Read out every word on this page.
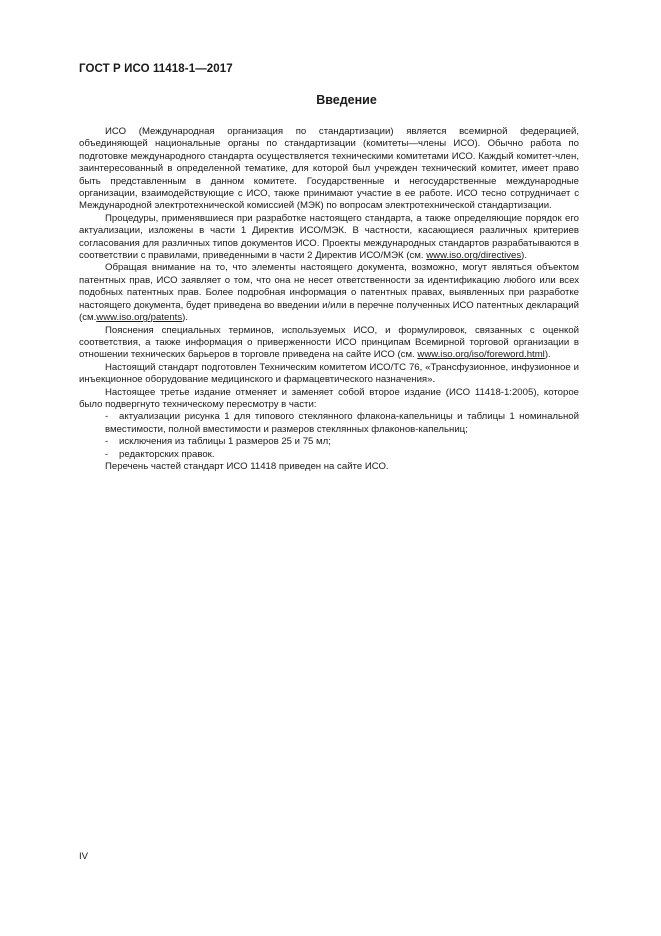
ГОСТ Р ИСО 11418-1—2017
Введение

ИСО (Международная организация по стандартизации) является всемирной федерацией, объединяющей национальные органы по стандартизации (комитеты—члены ИСО). Обычно работа по подготовке международного стандарта осуществляется техническими комитетами ИСО. Каждый комитет-член, заинтересованный в определенной тематике, для которой был учрежден технический комитет, имеет право быть представленным в данном комитете. Государственные и негосударственные международные организации, взаимодействующие с ИСО, также принимают участие в ее работе. ИСО тесно сотрудничает с Международной электротехнической комиссией (МЭК) по вопросам электротехнической стандартизации.

Процедуры, применявшиеся при разработке настоящего стандарта, а также определяющие порядок его актуализации, изложены в части 1 Директив ИСО/МЭК. В частности, касающиеся различных критериев согласования для различных типов документов ИСО. Проекты международных стандартов разрабатываются в соответствии с правилами, приведенными в части 2 Директив ИСО/МЭК (см. www.iso.org/directives).

Обращая внимание на то, что элементы настоящего документа, возможно, могут являться объектом патентных прав, ИСО заявляет о том, что она не несет ответственности за идентификацию любого или всех подобных патентных прав. Более подробная информация о патентных правах, выявленных при разработке настоящего документа, будет приведена во введении и/или в перечне полученных ИСО патентных деклараций (см.www.iso.org/patents).

Пояснения специальных терминов, используемых ИСО, и формулировок, связанных с оценкой соответствия, а также информация о приверженности ИСО принципам Всемирной торговой организации в отношении технических барьеров в торговле приведена на сайте ИСО (см. www.iso.org/iso/foreword.html).

Настоящий стандарт подготовлен Техническим комитетом ИСО/ТС 76, «Трансфузионное, инфузионное и инъекционное оборудование медицинского и фармацевтического назначения».

Настоящее третье издание отменяет и заменяет собой второе издание (ИСО 11418-1:2005), которое было подвергнуто техническому пересмотру в части:

- актуализации рисунка 1 для типового стеклянного флакона-капельницы и таблицы 1 номинальной вместимости, полной вместимости и размеров стеклянных флаконов-капельниц;

- исключения из таблицы 1 размеров 25 и 75 мл;

- редакторских правок.

Перечень частей стандарт ИСО 11418 приведен на сайте ИСО.

IV
